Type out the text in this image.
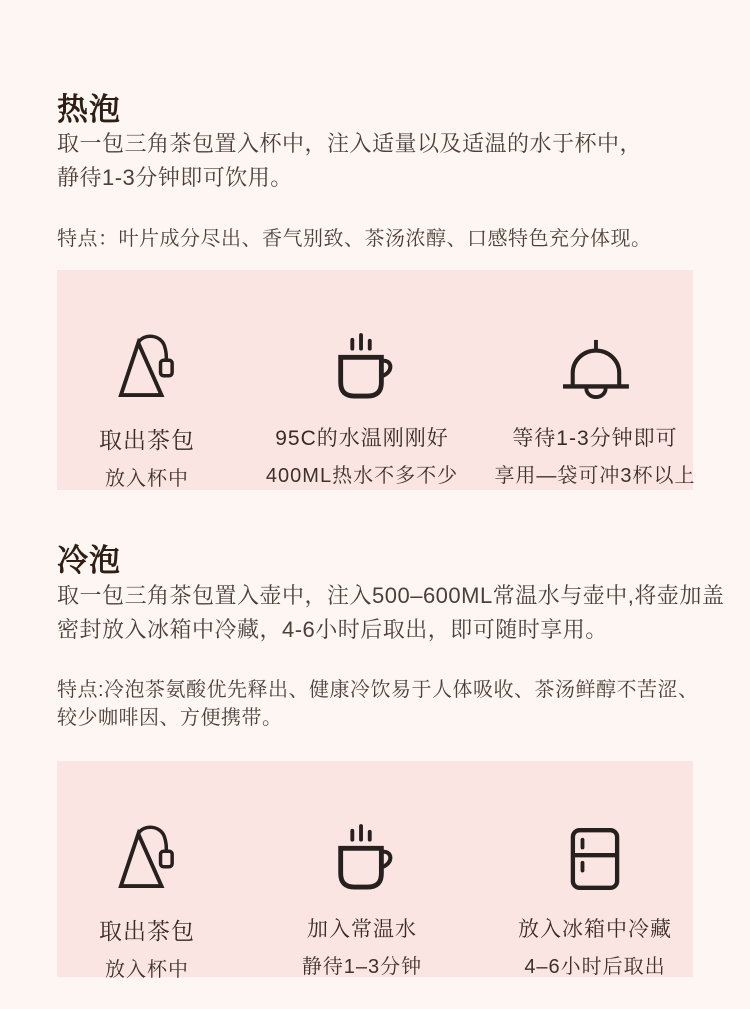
热泡
取一包三角茶包置入杯中，注入适量以及适温的水于杯中，
静待1-3分钟即可饮用。
特点：叶片成分尽出、香气别致、茶汤浓醇、口感特色充分体现。
取出茶包
放入杯中
95C的水温刚刚好
400ML热水不多不少
等待1-3分钟即可
享用—袋可冲3杯以上
冷泡
取一包三角茶包置入壶中，注入500–600ML常温水与壶中,将壶加盖
密封放入冰箱中冷藏，4-6小时后取出，即可随时享用。
特点:冷泡茶氨酸优先释出、健康冷饮易于人体吸收、茶汤鲜醇不苦涩、
较少咖啡因、方便携带。
取出茶包
放入杯中
加入常温水
静待1–3分钟
放入冰箱中冷藏
4–6小时后取出
